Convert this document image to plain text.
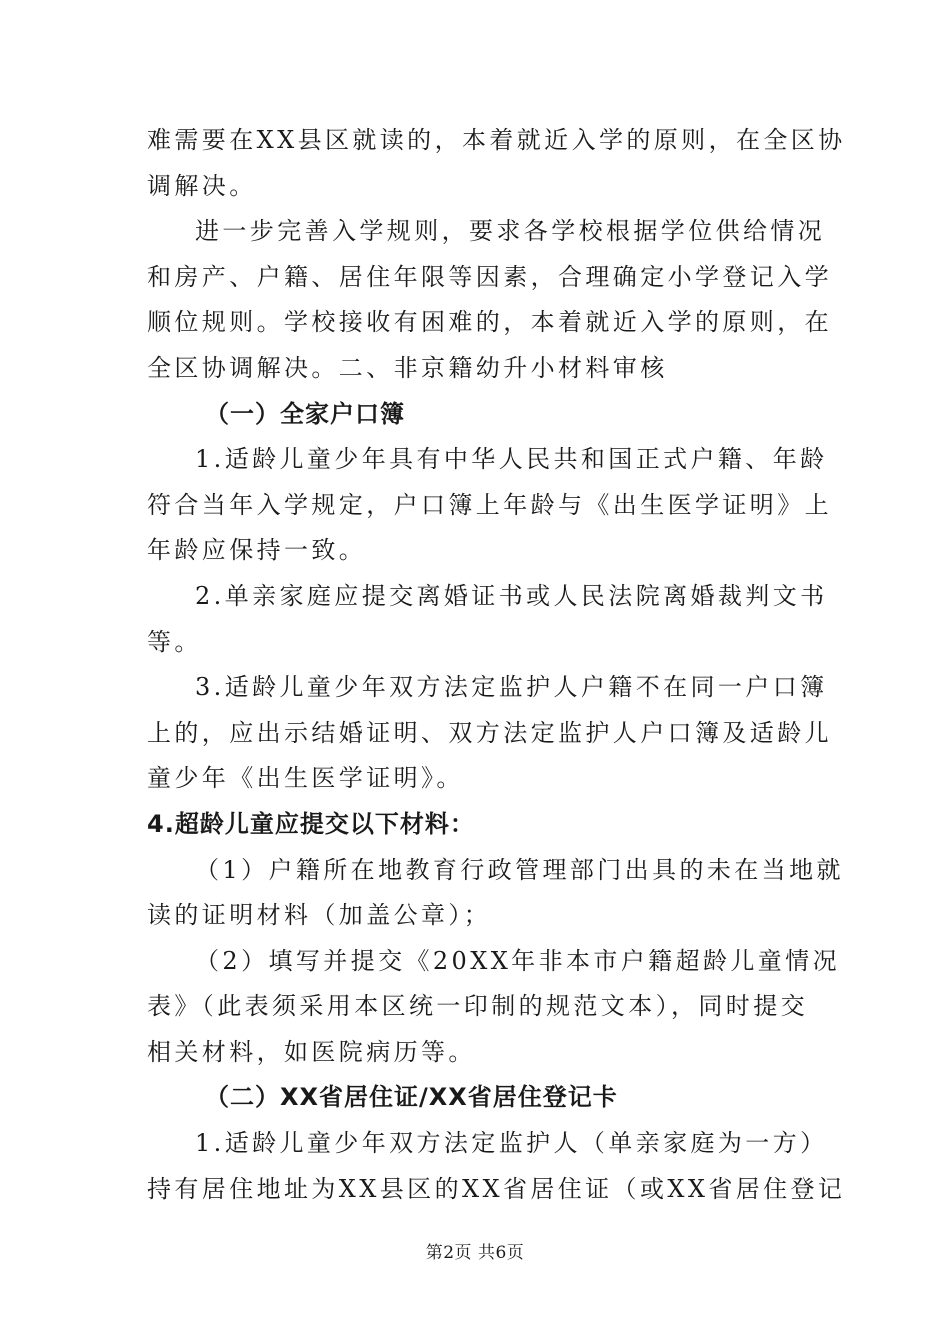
难需要在XX县区就读的，本着就近入学的原则，在全区协
调解决。
进一步完善入学规则，要求各学校根据学位供给情况
和房产、户籍、居住年限等因素，合理确定小学登记入学
顺位规则。学校接收有困难的，本着就近入学的原则，在
全区协调解决。二、非京籍幼升小材料审核
（一）全家户口簿
1.适龄儿童少年具有中华人民共和国正式户籍、年龄
符合当年入学规定，户口簿上年龄与《出生医学证明》上
年龄应保持一致。
2.单亲家庭应提交离婚证书或人民法院离婚裁判文书
等。
3.适龄儿童少年双方法定监护人户籍不在同一户口簿
上的，应出示结婚证明、双方法定监护人户口簿及适龄儿
童少年《出生医学证明》。
4.超龄儿童应提交以下材料：
（1）户籍所在地教育行政管理部门出具的未在当地就
读的证明材料（加盖公章）；
（2）填写并提交《20XX年非本市户籍超龄儿童情况
表》（此表须采用本区统一印制的规范文本），同时提交
相关材料，如医院病历等。
（二）XX省居住证/XX省居住登记卡
1.适龄儿童少年双方法定监护人（单亲家庭为一方）
持有居住地址为XX县区的XX省居住证（或XX省居住登记
第2页 共6页
